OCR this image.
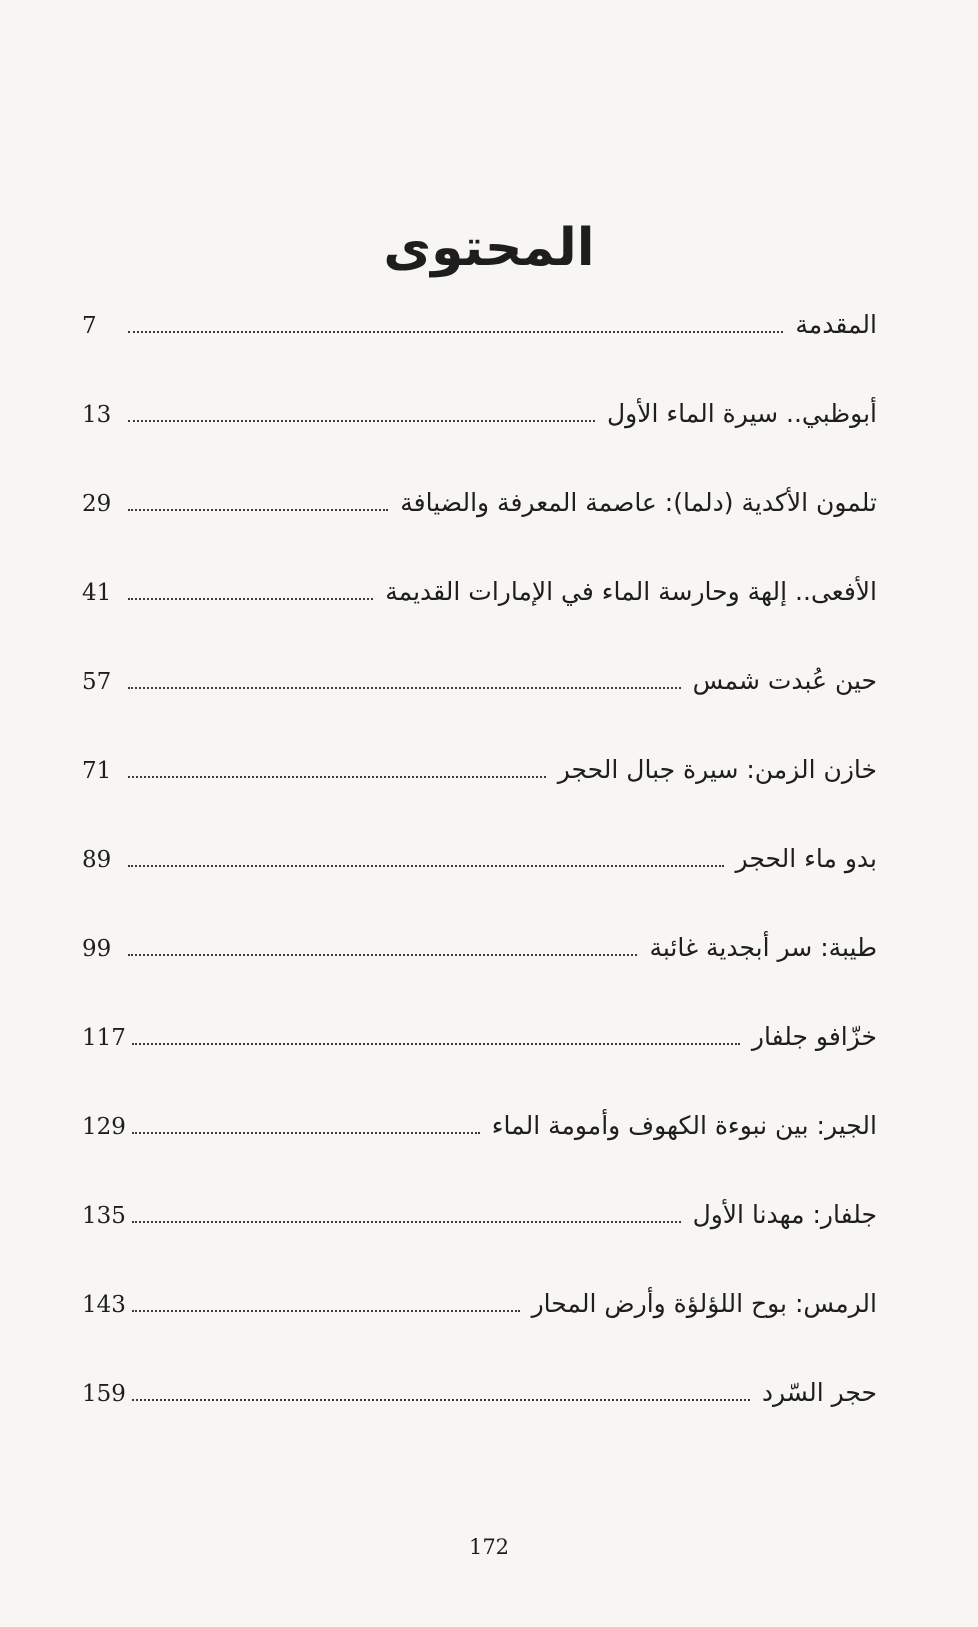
المحتوى
المقدمة
7
أبوظبي.. سيرة الماء الأول
13
تلمون الأكدية (دلما): عاصمة المعرفة والضيافة
29
الأفعى.. إلهة وحارسة الماء في الإمارات القديمة
41
حين عُبدت شمس
57
خازن الزمن: سيرة جبال الحجر
71
بدو ماء الحجر
89
طيبة: سر أبجدية غائبة
99
خزّافو جلفار
117
الجير: بين نبوءة الكهوف وأمومة الماء
129
جلفار: مهدنا الأول
135
الرمس: بوح اللؤلؤة وأرض المحار
143
حجر السّرد
159
172
